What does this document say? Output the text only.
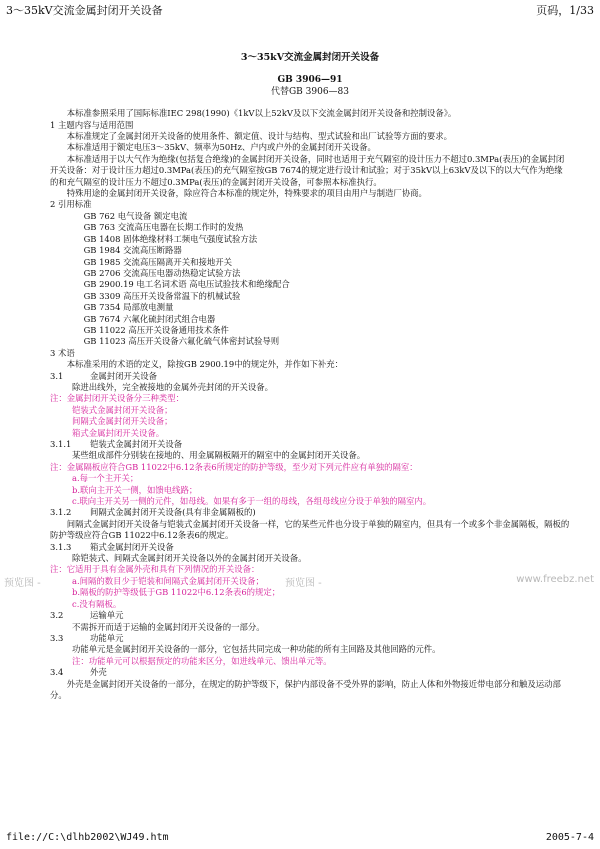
3～35kV交流金属封闭开关设备	页码，1/33

3～35kV交流金属封闭开关设备

GB 3906—91

代替GB 3906—83

本标准参照采用了国际标准IEC 298(1990)《1kV以上52kV及以下交流金属封闭开关设备和控制设备》。

1 主题内容与适用范围

本标准规定了金属封闭开关设备的使用条件、额定值、设计与结构、型式试验和出厂试验等方面的要求。

本标准适用于额定电压3～35kV、频率为50Hz、户内或户外的金属封闭开关设备。

本标准适用于以大气作为绝缘(包括复合绝缘)的金属封闭开关设备，同时也适用于充气隔室的设计压力不超过0.3MPa(表压)的金属封闭开关设备：对于设计压力超过0.3MPa(表压)的充气隔室按GB 7674的规定进行设计和试验；对于35kV以上63kV及以下的以大气作为绝缘的和充气隔室的设计压力不超过0.3MPa(表压)的金属封闭开关设备，可参照本标准执行。

特殊用途的金属封闭开关设备，除应符合本标准的规定外，特殊要求的项目由用户与制造厂协商。

2 引用标准

GB 762 电气设备 额定电流

GB 763 交流高压电器在长期工作时的发热

GB 1408 固体绝缘材料工频电气强度试验方法

GB 1984 交流高压断路器

GB 1985 交流高压隔离开关和接地开关

GB 2706 交流高压电器动热稳定试验方法

GB 2900.19 电工名词术语 高电压试验技术和绝缘配合

GB 3309 高压开关设备常温下的机械试验

GB 7354 局部放电测量

GB 7674 六氟化硫封闭式组合电器

GB 11022 高压开关设备通用技术条件

GB 11023 高压开关设备六氟化硫气体密封试验导则

3 术语

本标准采用的术语的定义，除按GB 2900.19中的规定外，并作如下补充：

3.1	金属封闭开关设备

除进出线外，完全被接地的金属外壳封闭的开关设备。

注：金属封闭开关设备分三种类型：

铠装式金属封闭开关设备；

间隔式金属封闭开关设备；

箱式金属封闭开关设备。

3.1.1 铠装式金属封闭开关设备

某些组成部件分别装在接地的、用金属隔板隔开的隔室中的金属封闭开关设备。

注：金属隔板应符合GB 11022中6.12条表6所规定的防护等级，至少对下列元件应有单独的隔室：

a.每一个主开关；

b.联向主开关一侧，如馈电线路；

c.联向主开关另一侧的元件，如母线。如果有多于一组的母线，各组母线应分设于单独的隔室内。

3.1.2 间隔式金属封闭开关设备(具有非金属隔板的)

间隔式金属封闭开关设备与铠装式金属封闭开关设备一样，它的某些元件也分设于单独的隔室内，但具有一个或多个非金属隔板，隔板的防护等级应符合GB 11022中6.12条表6的规定。

3.1.3 箱式金属封闭开关设备

除铠装式、间隔式金属封闭开关设备以外的金属封闭开关设备。

注：它适用于具有金属外壳和具有下列情况的开关设备：

a.间隔的数目少于铠装和间隔式金属封闭开关设备；

b.隔板的防护等级低于GB 11022中6.12条表6的规定；

c.没有隔板。

3.2	运输单元

不需拆开而适于运输的金属封闭开关设备的一部分。

3.3	功能单元

功能单元是金属封闭开关设备的一部分，它包括共同完成一种功能的所有主回路及其他回路的元件。

注：功能单元可以根据预定的功能来区分，如进线单元、馈出单元等。

3.4	外壳

外壳是金属封闭开关设备的一部分，在规定的防护等级下，保护内部设备不受外界的影响，防止人体和外物接近带电部分和触及运动部分。

预览图 -	预览图 -	www.freebz.net
file://C:\dlhb2002\WJ49.htm	2005-7-4
